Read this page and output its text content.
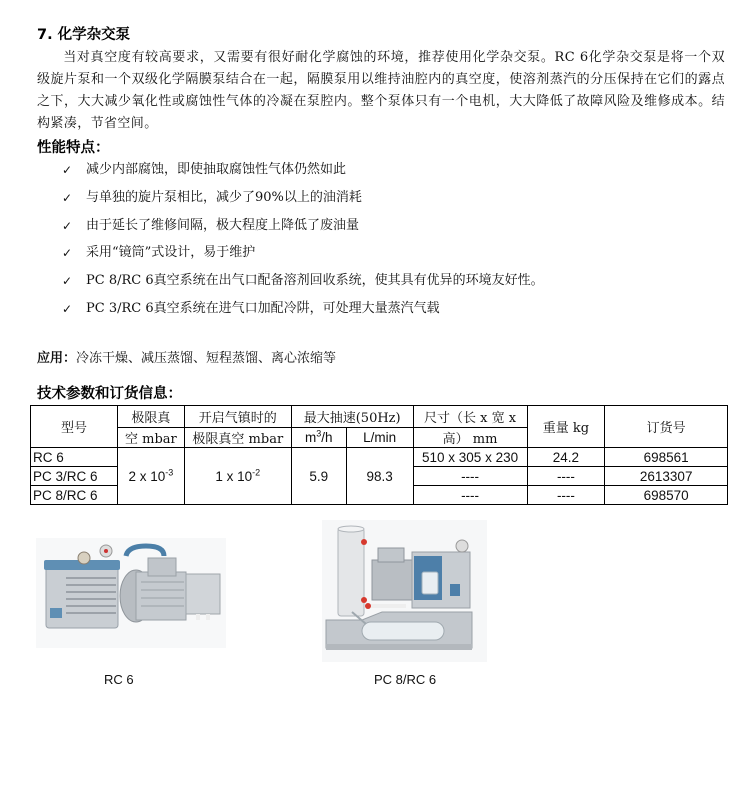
7. 化学杂交泵
当对真空度有较高要求，又需要有很好耐化学腐蚀的环境，推荐使用化学杂交泵。RC 6化学杂交泵是将一个双级旋片泵和一个双级化学隔膜泵结合在一起，隔膜泵用以维持油腔内的真空度，使溶剂蒸汽的分压保持在它们的露点之下，大大减少氧化性或腐蚀性气体的冷凝在泵腔内。整个泵体只有一个电机，大大降低了故障风险及维修成本。结构紧凑，节省空间。
性能特点：
✓	减少内部腐蚀，即使抽取腐蚀性气体仍然如此
✓	与单独的旋片泵相比，减少了90%以上的油消耗
✓	由于延长了维修间隔，极大程度上降低了废油量
✓	采用“镜筒”式设计，易于维护
✓	PC 8/RC 6真空系统在出气口配备溶剂回收系统，使其具有优异的环境友好性。
✓	PC 3/RC 6真空系统在进气口加配冷阱，可处理大量蒸汽气载
应用：冷冻干燥、减压蒸馏、短程蒸馏、离心浓缩等
技术参数和订货信息：
型号	极限真	开启气镇时的	最大抽速(50Hz)		尺寸（长 x 宽 x	重量 kg	订货号
	空 mbar	极限真空 mbar	$m^3/h$	L/min	高） mm		
RC 6	2 x $10^{-3}$	1 x $10^{-2}$	5.9	98.3	510 x 305 x 230	24.2	698561
PC 3/RC 6					----	----	2613307
PC 8/RC 6					----	----	698570
RC 6	PC 8/RC 6
